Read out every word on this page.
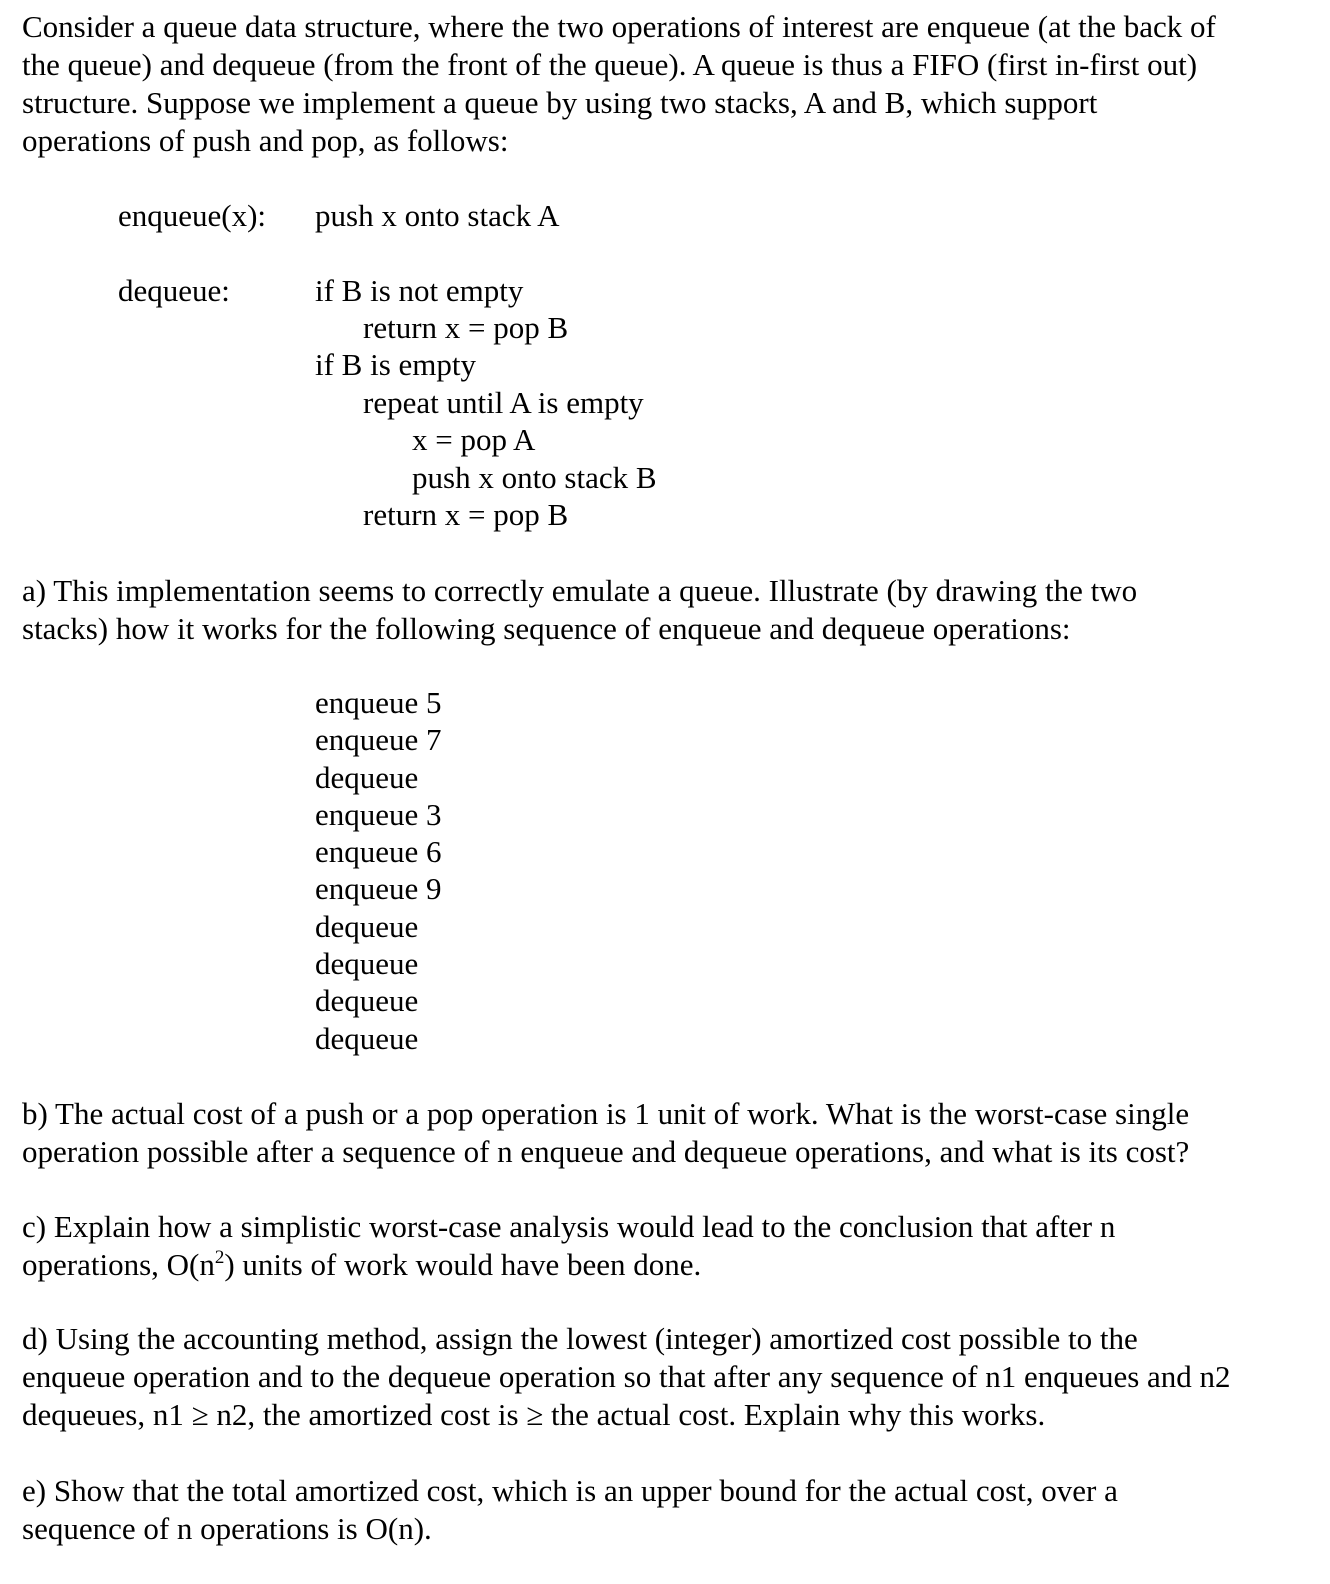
Consider a queue data structure, where the two operations of interest are enqueue (at the back of
the queue) and dequeue (from the front of the queue). A queue is thus a FIFO (first in-first out)
structure. Suppose we implement a queue by using two stacks, A and B, which support
operations of push and pop, as follows:
enqueue(x): push x onto stack A
dequeue:	if B is not empty
return x = pop B
if B is empty
repeat until A is empty
x = pop A
push x onto stack B
return x = pop B
a) This implementation seems to correctly emulate a queue. Illustrate (by drawing the two
stacks) how it works for the following sequence of enqueue and dequeue operations:
enqueue 5
enqueue 7
dequeue
enqueue 3
enqueue 6
enqueue 9
dequeue
dequeue
dequeue
dequeue
b) The actual cost of a push or a pop operation is 1 unit of work. What is the worst-case single
operation possible after a sequence of n enqueue and dequeue operations, and what is its cost?
c) Explain how a simplistic worst-case analysis would lead to the conclusion that after n
operations, $O(n^2)$ units of work would have been done.
d) Using the accounting method, assign the lowest (integer) amortized cost possible to the
enqueue operation and to the dequeue operation so that after any sequence of n1 enqueues and n2
dequeues, n1 ≥ n2, the amortized cost is ≥ the actual cost. Explain why this works.
e) Show that the total amortized cost, which is an upper bound for the actual cost, over a
sequence of n operations is O(n).
